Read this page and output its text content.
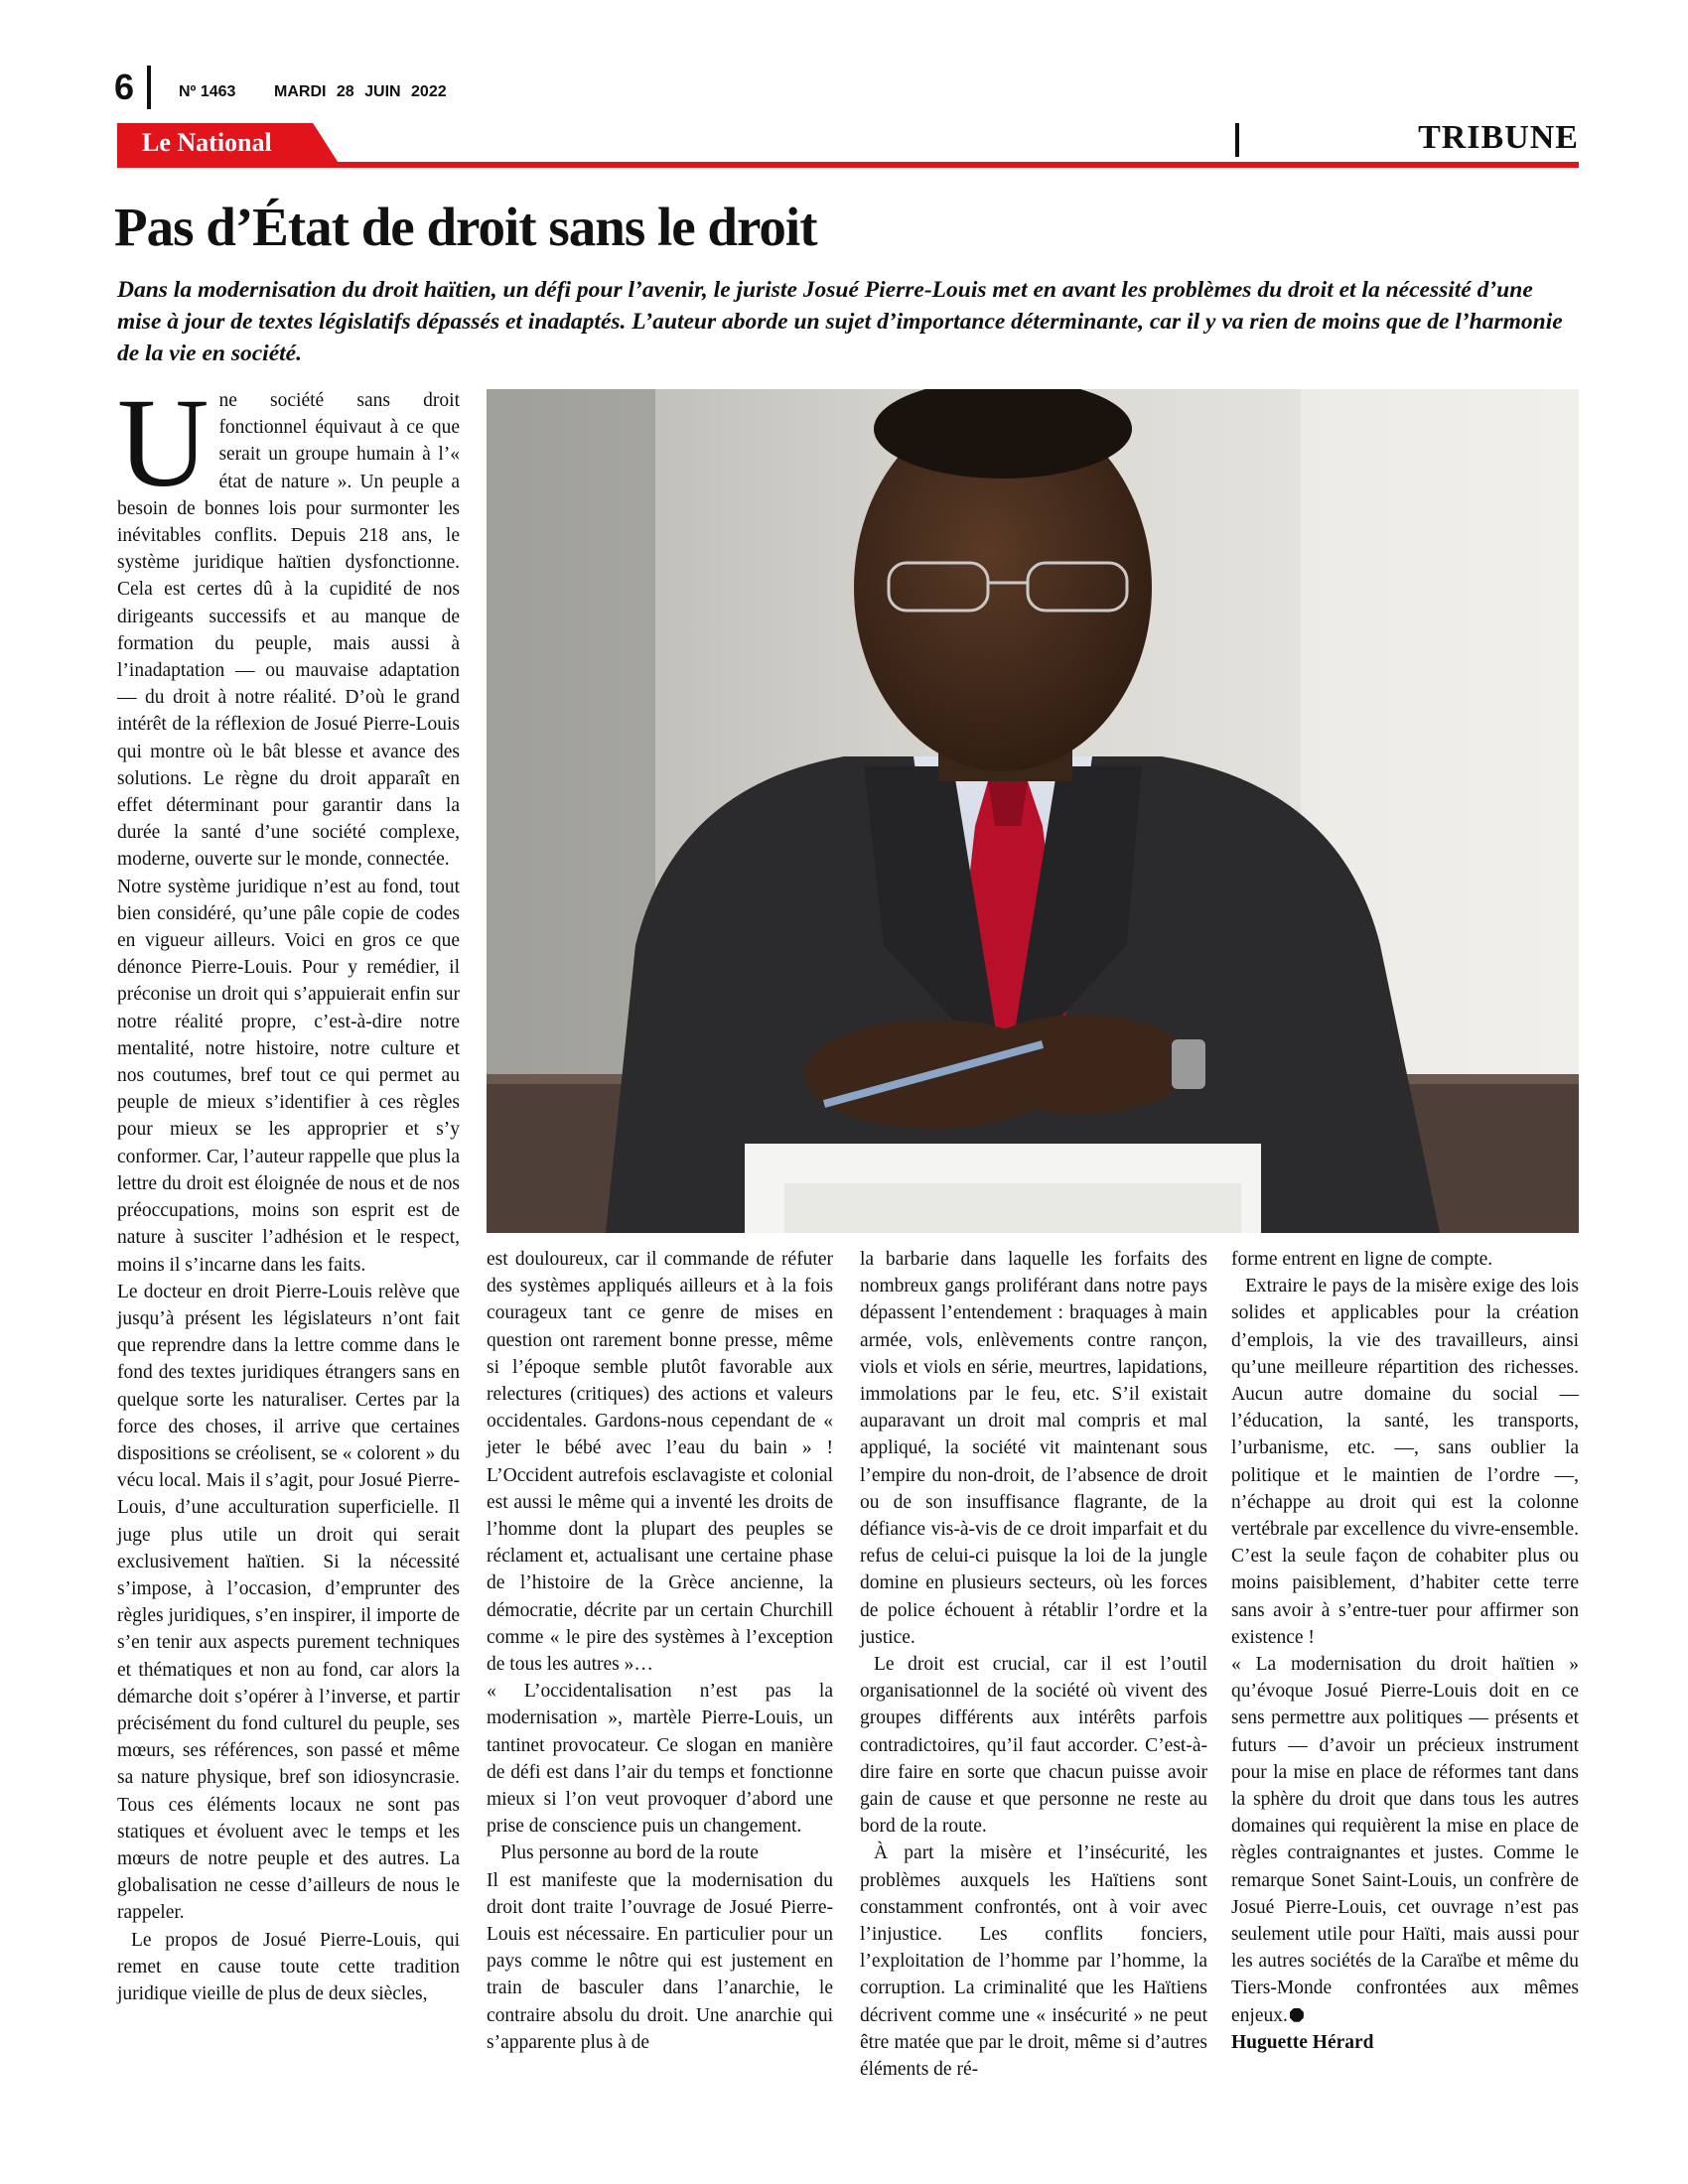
6	Nº 1463 MARDI 28 JUIN 2022
Le National	TRIBUNE
Pas d’État de droit sans le droit
Dans la modernisation du droit haïtien, un défi pour l’avenir, le juriste Josué Pierre-Louis met en avant les problèmes du droit et la nécessité d’une mise à jour de textes législatifs dépassés et inadaptés. L’auteur aborde un sujet d’importance déterminante, car il y va rien de moins que de l’harmonie de la vie en société.

Une société sans droit fonctionnel équivaut à ce que serait un groupe humain à l’« état de nature ». Un peuple a besoin de bonnes lois pour surmonter les inévitables conflits. Depuis 218 ans, le système juridique haïtien dysfonctionne. Cela est certes dû à la cupidité de nos dirigeants successifs et au manque de formation du peuple, mais aussi à l’inadaptation — ou mauvaise adaptation — du droit à notre réalité. D’où le grand intérêt de la réflexion de Josué Pierre-Louis qui montre où le bât blesse et avance des solutions. Le règne du droit apparaît en effet déterminant pour garantir dans la durée la santé d’une société complexe, moderne, ouverte sur le monde, connectée.

Notre système juridique n’est au fond, tout bien considéré, qu’une pâle copie de codes en vigueur ailleurs. Voici en gros ce que dénonce Pierre-Louis. Pour y remédier, il préconise un droit qui s’appuierait enfin sur notre réalité propre, c’est-à-dire notre mentalité, notre histoire, notre culture et nos coutumes, bref tout ce qui permet au peuple de mieux s’identifier à ces règles pour mieux se les approprier et s’y conformer. Car, l’auteur rappelle que plus la lettre du droit est éloignée de nous et de nos préoccupations, moins son esprit est de nature à susciter l’adhésion et le respect, moins il s’incarne dans les faits.

Le docteur en droit Pierre-Louis relève que jusqu’à présent les législateurs n’ont fait que reprendre dans la lettre comme dans le fond des textes juridiques étrangers sans en quelque sorte les naturaliser. Certes par la force des choses, il arrive que certaines dispositions se créolisent, se « colorent » du vécu local. Mais il s’agit, pour Josué Pierre-Louis, d’une acculturation superficielle. Il juge plus utile un droit qui serait exclusivement haïtien. Si la nécessité s’impose, à l’occasion, d’emprunter des règles juridiques, s’en inspirer, il importe de s’en tenir aux aspects purement techniques et thématiques et non au fond, car alors la démarche doit s’opérer à l’inverse, et partir précisément du fond culturel du peuple, ses mœurs, ses références, son passé et même sa nature physique, bref son idiosyncrasie. Tous ces éléments locaux ne sont pas statiques et évoluent avec le temps et les mœurs de notre peuple et des autres. La globalisation ne cesse d’ailleurs de nous le rappeler.

Le propos de Josué Pierre-Louis, qui remet en cause toute cette tradition juridique vieille de plus de deux siècles,

est douloureux, car il commande de réfuter des systèmes appliqués ailleurs et à la fois courageux tant ce genre de mises en question ont rarement bonne presse, même si l’époque semble plutôt favorable aux relectures (critiques) des actions et valeurs occidentales. Gardons-nous cependant de « jeter le bébé avec l’eau du bain » ! L’Occident autrefois esclavagiste et colonial est aussi le même qui a inventé les droits de l’homme dont la plupart des peuples se réclament et, actualisant une certaine phase de l’histoire de la Grèce ancienne, la démocratie, décrite par un certain Churchill comme « le pire des systèmes à l’exception de tous les autres »…

« L’occidentalisation n’est pas la modernisation », martèle Pierre-Louis, un tantinet provocateur. Ce slogan en manière de défi est dans l’air du temps et fonctionne mieux si l’on veut provoquer d’abord une prise de conscience puis un changement.

Plus personne au bord de la route

Il est manifeste que la modernisation du droit dont traite l’ouvrage de Josué Pierre-Louis est nécessaire. En particulier pour un pays comme le nôtre qui est justement en train de basculer dans l’anarchie, le contraire absolu du droit. Une anarchie qui s’apparente plus à de

la barbarie dans laquelle les forfaits des nombreux gangs proliférant dans notre pays dépassent l’entendement : braquages à main armée, vols, enlèvements contre rançon, viols et viols en série, meurtres, lapidations, immolations par le feu, etc. S’il existait auparavant un droit mal compris et mal appliqué, la société vit maintenant sous l’empire du non-droit, de l’absence de droit ou de son insuffisance flagrante, de la défiance vis-à-vis de ce droit imparfait et du refus de celui-ci puisque la loi de la jungle domine en plusieurs secteurs, où les forces de police échouent à rétablir l’ordre et la justice.

Le droit est crucial, car il est l’outil organisationnel de la société où vivent des groupes différents aux intérêts parfois contradictoires, qu’il faut accorder. C’est-à-dire faire en sorte que chacun puisse avoir gain de cause et que personne ne reste au bord de la route.

À part la misère et l’insécurité, les problèmes auxquels les Haïtiens sont constamment confrontés, ont à voir avec l’injustice. Les conflits fonciers, l’exploitation de l’homme par l’homme, la corruption. La criminalité que les Haïtiens décrivent comme une « insécurité » ne peut être matée que par le droit, même si d’autres éléments de ré-

forme entrent en ligne de compte.

Extraire le pays de la misère exige des lois solides et applicables pour la création d’emplois, la vie des travailleurs, ainsi qu’une meilleure répartition des richesses. Aucun autre domaine du social — l’éducation, la santé, les transports, l’urbanisme, etc. —, sans oublier la politique et le maintien de l’ordre —, n’échappe au droit qui est la colonne vertébrale par excellence du vivre-ensemble. C’est la seule façon de cohabiter plus ou moins paisiblement, d’habiter cette terre sans avoir à s’entre-tuer pour affirmer son existence !

« La modernisation du droit haïtien » qu’évoque Josué Pierre-Louis doit en ce sens permettre aux politiques — présents et futurs — d’avoir un précieux instrument pour la mise en place de réformes tant dans la sphère du droit que dans tous les autres domaines qui requièrent la mise en place de règles contraignantes et justes. Comme le remarque Sonet Saint-Louis, un confrère de Josué Pierre-Louis, cet ouvrage n’est pas seulement utile pour Haïti, mais aussi pour les autres sociétés de la Caraïbe et même du Tiers-Monde confrontées aux mêmes enjeux.

Huguette Hérard
